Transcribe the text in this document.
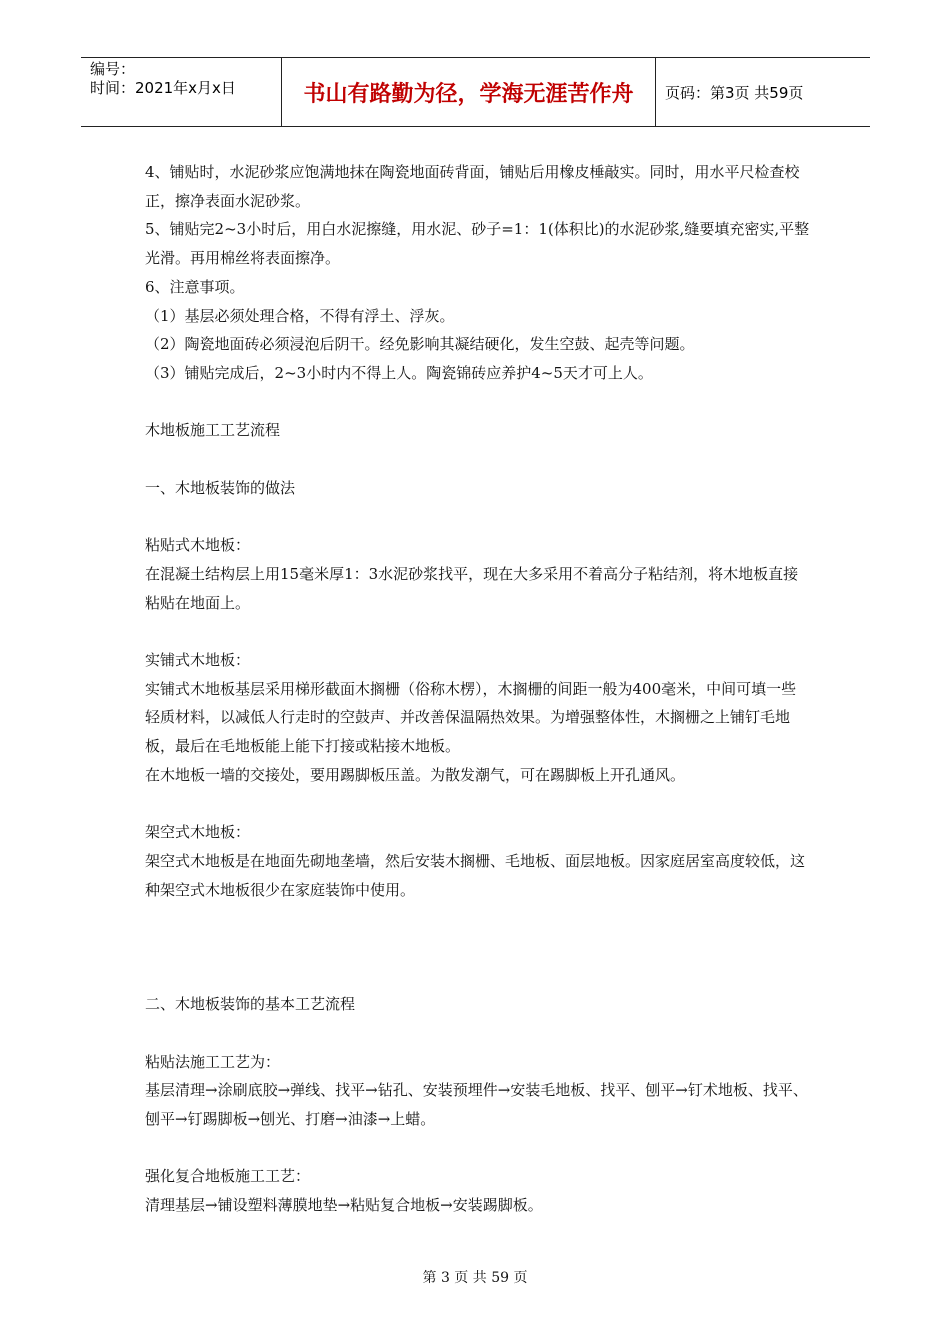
编号：
时间：2021年x月x日	书山有路勤为径，学海无涯苦作舟	页码：第3页 共59页

4、铺贴时，水泥砂浆应饱满地抹在陶瓷地面砖背面，铺贴后用橡皮棰敲实。同时，用水平尺检查校正，擦净表面水泥砂浆。

5、铺贴完2~3小时后，用白水泥擦缝，用水泥、砂子=1：1(体积比)的水泥砂浆,缝要填充密实,平整光滑。再用棉丝将表面擦净。

6、注意事项。

（1）基层必须处理合格，不得有浮土、浮灰。

（2）陶瓷地面砖必须浸泡后阴干。经免影响其凝结硬化，发生空鼓、起壳等问题。

（3）铺贴完成后，2~3小时内不得上人。陶瓷锦砖应养护4~5天才可上人。

木地板施工工艺流程

一、木地板装饰的做法

粘贴式木地板：

在混凝土结构层上用15毫米厚1：3水泥砂浆找平，现在大多采用不着高分子粘结剂，将木地板直接粘贴在地面上。

实铺式木地板：

实铺式木地板基层采用梯形截面木搁栅（俗称木楞），木搁栅的间距一般为400毫米，中间可填一些轻质材料，以减低人行走时的空鼓声、并改善保温隔热效果。为增强整体性，木搁栅之上铺钉毛地板，最后在毛地板能上能下打接或粘接木地板。

在木地板一墙的交接处，要用踢脚板压盖。为散发潮气，可在踢脚板上开孔通风。

架空式木地板：

架空式木地板是在地面先砌地垄墙，然后安装木搁栅、毛地板、面层地板。因家庭居室高度较低，这种架空式木地板很少在家庭装饰中使用。

二、木地板装饰的基本工艺流程

粘贴法施工工艺为：

基层清理→涂刷底胶→弹线、找平→钻孔、安装预埋件→安装毛地板、找平、刨平→钉术地板、找平、刨平→钉踢脚板→刨光、打磨→油漆→上蜡。

强化复合地板施工工艺：

清理基层→铺设塑料薄膜地垫→粘贴复合地板→安装踢脚板。

第 3 页 共 59 页
